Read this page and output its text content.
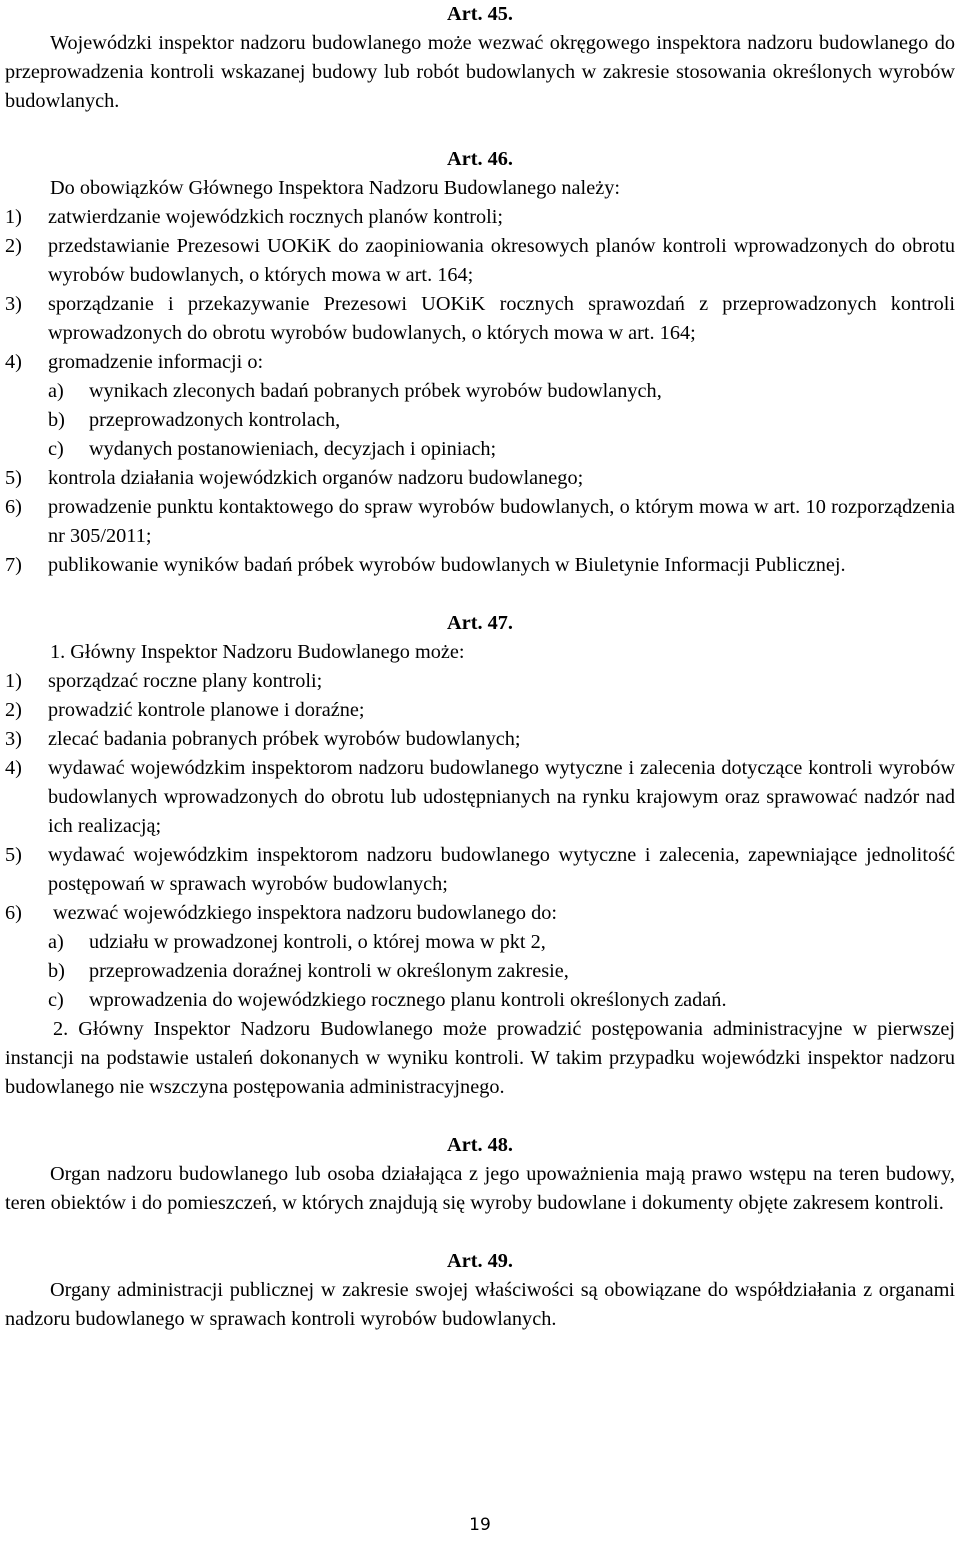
Art. 45.

Wojewódzki inspektor nadzoru budowlanego może wezwać okręgowego inspektora nadzoru budowlanego do przeprowadzenia kontroli wskazanej budowy lub robót budowlanych w zakresie stosowania określonych wyrobów budowlanych.

Art. 46.

Do obowiązków Głównego Inspektora Nadzoru Budowlanego należy:

1) zatwierdzanie wojewódzkich rocznych planów kontroli;

2) przedstawianie Prezesowi UOKiK do zaopiniowania okresowych planów kontroli wprowadzonych do obrotu wyrobów budowlanych, o których mowa w art. 164;

3) sporządzanie i przekazywanie Prezesowi UOKiK rocznych sprawozdań z przeprowadzonych kontroli wprowadzonych do obrotu wyrobów budowlanych, o których mowa w art. 164;

4) gromadzenie informacji o:

a) wynikach zleconych badań pobranych próbek wyrobów budowlanych,

b) przeprowadzonych kontrolach,

c) wydanych postanowieniach, decyzjach i opiniach;

5) kontrola działania wojewódzkich organów nadzoru budowlanego;

6) prowadzenie punktu kontaktowego do spraw wyrobów budowlanych, o którym mowa w art. 10 rozporządzenia nr 305/2011;

7) publikowanie wyników badań próbek wyrobów budowlanych w Biuletynie Informacji Publicznej.

Art. 47.

1. Główny Inspektor Nadzoru Budowlanego może:

1) sporządzać roczne plany kontroli;

2) prowadzić kontrole planowe i doraźne;

3) zlecać badania pobranych próbek wyrobów budowlanych;

4) wydawać wojewódzkim inspektorom nadzoru budowlanego wytyczne i zalecenia dotyczące kontroli wyrobów budowlanych wprowadzonych do obrotu lub udostępnianych na rynku krajowym oraz sprawować nadzór nad ich realizacją;

5) wydawać wojewódzkim inspektorom nadzoru budowlanego wytyczne i zalecenia, zapewniające jednolitość postępowań w sprawach wyrobów budowlanych;

6) wezwać wojewódzkiego inspektora nadzoru budowlanego do:

a) udziału w prowadzonej kontroli, o której mowa w pkt 2,

b) przeprowadzenia doraźnej kontroli w określonym zakresie,

c) wprowadzenia do wojewódzkiego rocznego planu kontroli określonych zadań.

2. Główny Inspektor Nadzoru Budowlanego może prowadzić postępowania administracyjne w pierwszej instancji na podstawie ustaleń dokonanych w wyniku kontroli. W takim przypadku wojewódzki inspektor nadzoru budowlanego nie wszczyna postępowania administracyjnego.

Art. 48.

Organ nadzoru budowlanego lub osoba działająca z jego upoważnienia mają prawo wstępu na teren budowy, teren obiektów i do pomieszczeń, w których znajdują się wyroby budowlane i dokumenty objęte zakresem kontroli.

Art. 49.

Organy administracji publicznej w zakresie swojej właściwości są obowiązane do współdziałania z organami nadzoru budowlanego w sprawach kontroli wyrobów budowlanych.

19
